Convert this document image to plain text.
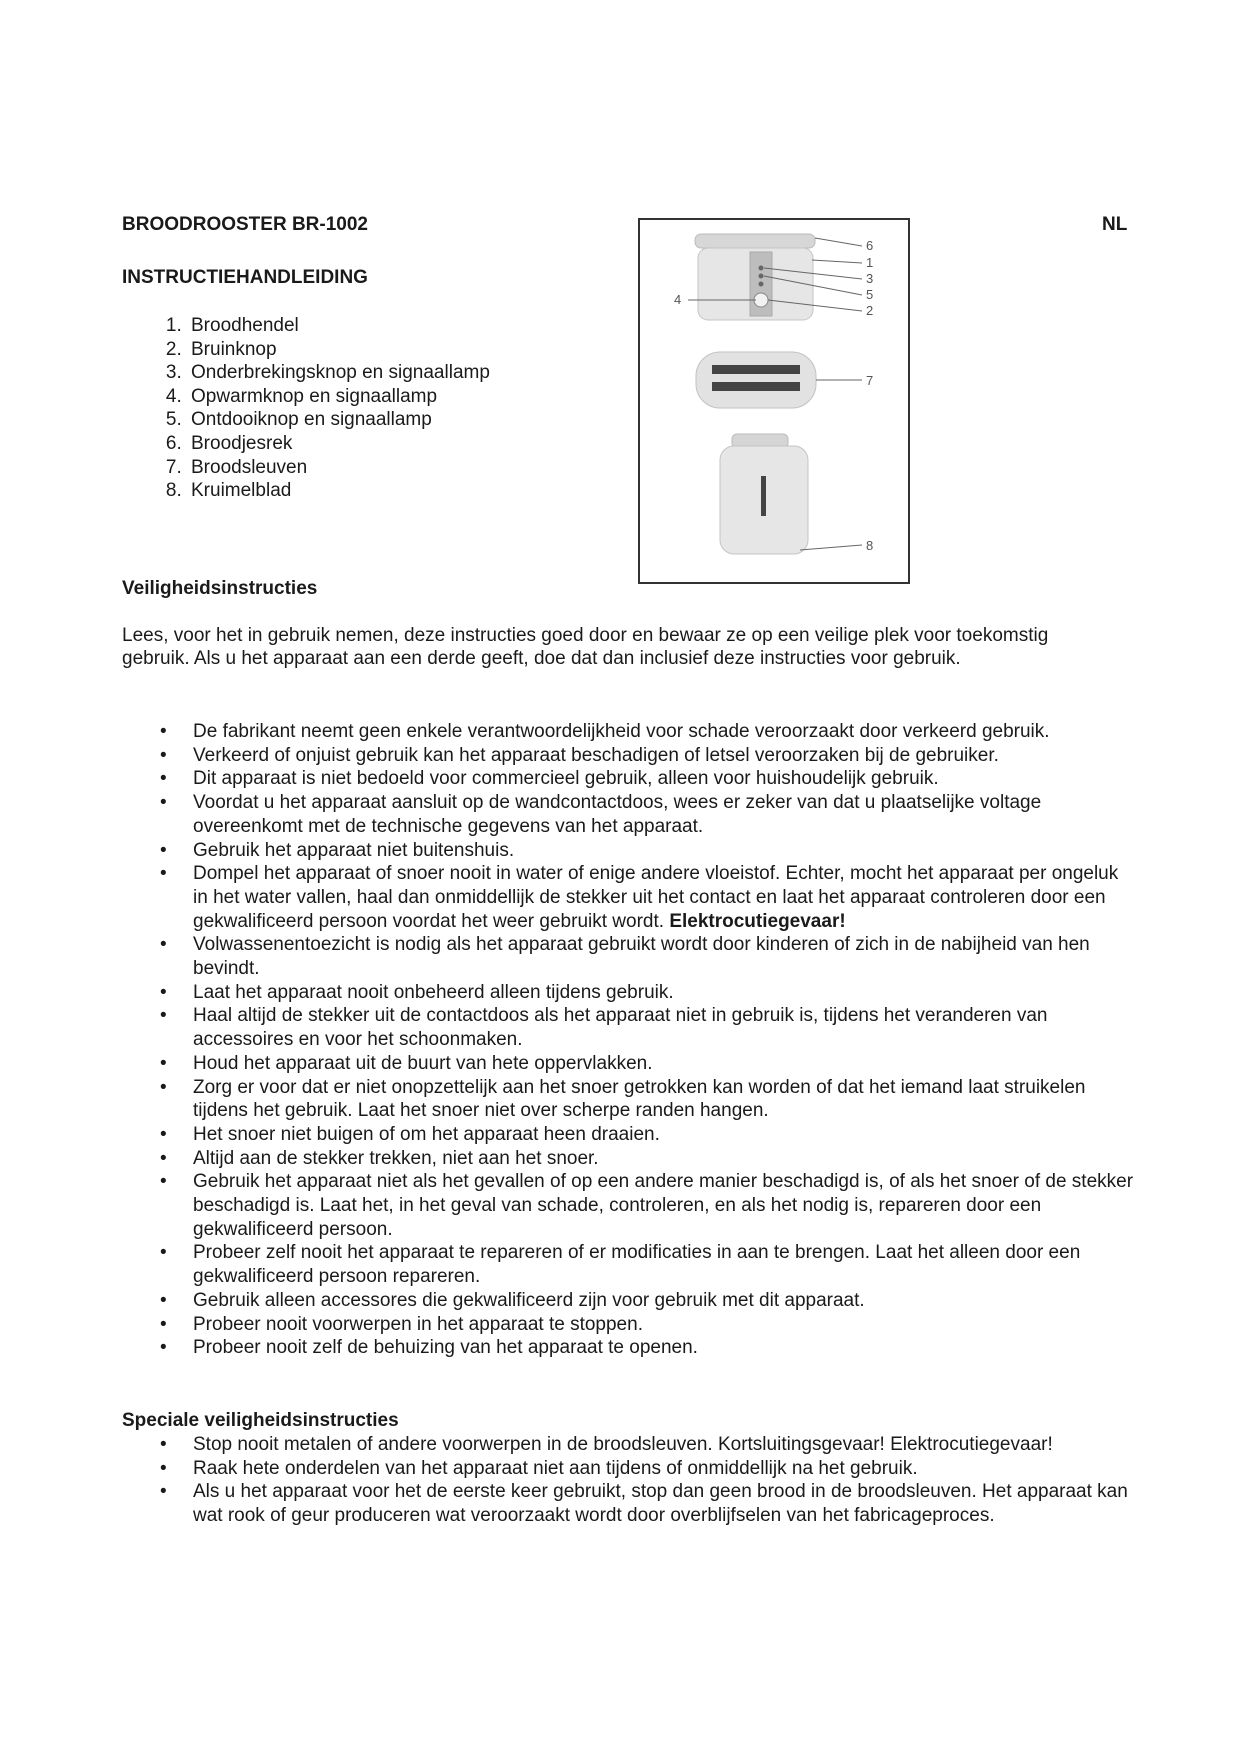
BROODROOSTER BR-1002	NL
INSTRUCTIEHANDLEIDING
1. Broodhendel
2. Bruinknop
3. Onderbrekingsknop en signaallamp
4. Opwarmknop en signaallamp
5. Ontdooiknop en signaallamp
6. Broodjesrek
7. Broodsleuven
8. Kruimelblad
6
1
3
5
2
4
7
8
Veiligheidsinstructies

Lees, voor het in gebruik nemen, deze instructies goed door en bewaar ze op een veilige plek voor toekomstig gebruik. Als u het apparaat aan een derde geeft, doe dat dan inclusief deze instructies voor gebruik.

• De fabrikant neemt geen enkele verantwoordelijkheid voor schade veroorzaakt door verkeerd gebruik.
• Verkeerd of onjuist gebruik kan het apparaat beschadigen of letsel veroorzaken bij de gebruiker.
• Dit apparaat is niet bedoeld voor commercieel gebruik, alleen voor huishoudelijk gebruik.
• Voordat u het apparaat aansluit op de wandcontactdoos, wees er zeker van dat u plaatselijke voltage overeenkomt met de technische gegevens van het apparaat.
• Gebruik het apparaat niet buitenshuis.
• Dompel het apparaat of snoer nooit in water of enige andere vloeistof. Echter, mocht het apparaat per ongeluk in het water vallen, haal dan onmiddellijk de stekker uit het contact en laat het apparaat controleren door een gekwalificeerd persoon voordat het weer gebruikt wordt. Elektrocutiegevaar!
• Volwassenentoezicht is nodig als het apparaat gebruikt wordt door kinderen of zich in de nabijheid van hen bevindt.
• Laat het apparaat nooit onbeheerd alleen tijdens gebruik.
• Haal altijd de stekker uit de contactdoos als het apparaat niet in gebruik is, tijdens het veranderen van accessoires en voor het schoonmaken.
• Houd het apparaat uit de buurt van hete oppervlakken.
• Zorg er voor dat er niet onopzettelijk aan het snoer getrokken kan worden of dat het iemand laat struikelen tijdens het gebruik. Laat het snoer niet over scherpe randen hangen.
• Het snoer niet buigen of om het apparaat heen draaien.
• Altijd aan de stekker trekken, niet aan het snoer.
• Gebruik het apparaat niet als het gevallen of op een andere manier beschadigd is, of als het snoer of de stekker beschadigd is. Laat het, in het geval van schade, controleren, en als het nodig is, repareren door een gekwalificeerd persoon.
• Probeer zelf nooit het apparaat te repareren of er modificaties in aan te brengen. Laat het alleen door een gekwalificeerd persoon repareren.
• Gebruik alleen accessores die gekwalificeerd zijn voor gebruik met dit apparaat.
• Probeer nooit voorwerpen in het apparaat te stoppen.
• Probeer nooit zelf de behuizing van het apparaat te openen.
Speciale veiligheidsinstructies
• Stop nooit metalen of andere voorwerpen in de broodsleuven. Kortsluitingsgevaar! Elektrocutiegevaar!
• Raak hete onderdelen van het apparaat niet aan tijdens of onmiddellijk na het gebruik.
• Als u het apparaat voor het de eerste keer gebruikt, stop dan geen brood in de broodsleuven. Het apparaat kan wat rook of geur produceren wat veroorzaakt wordt door overblijfselen van het fabricageproces.
